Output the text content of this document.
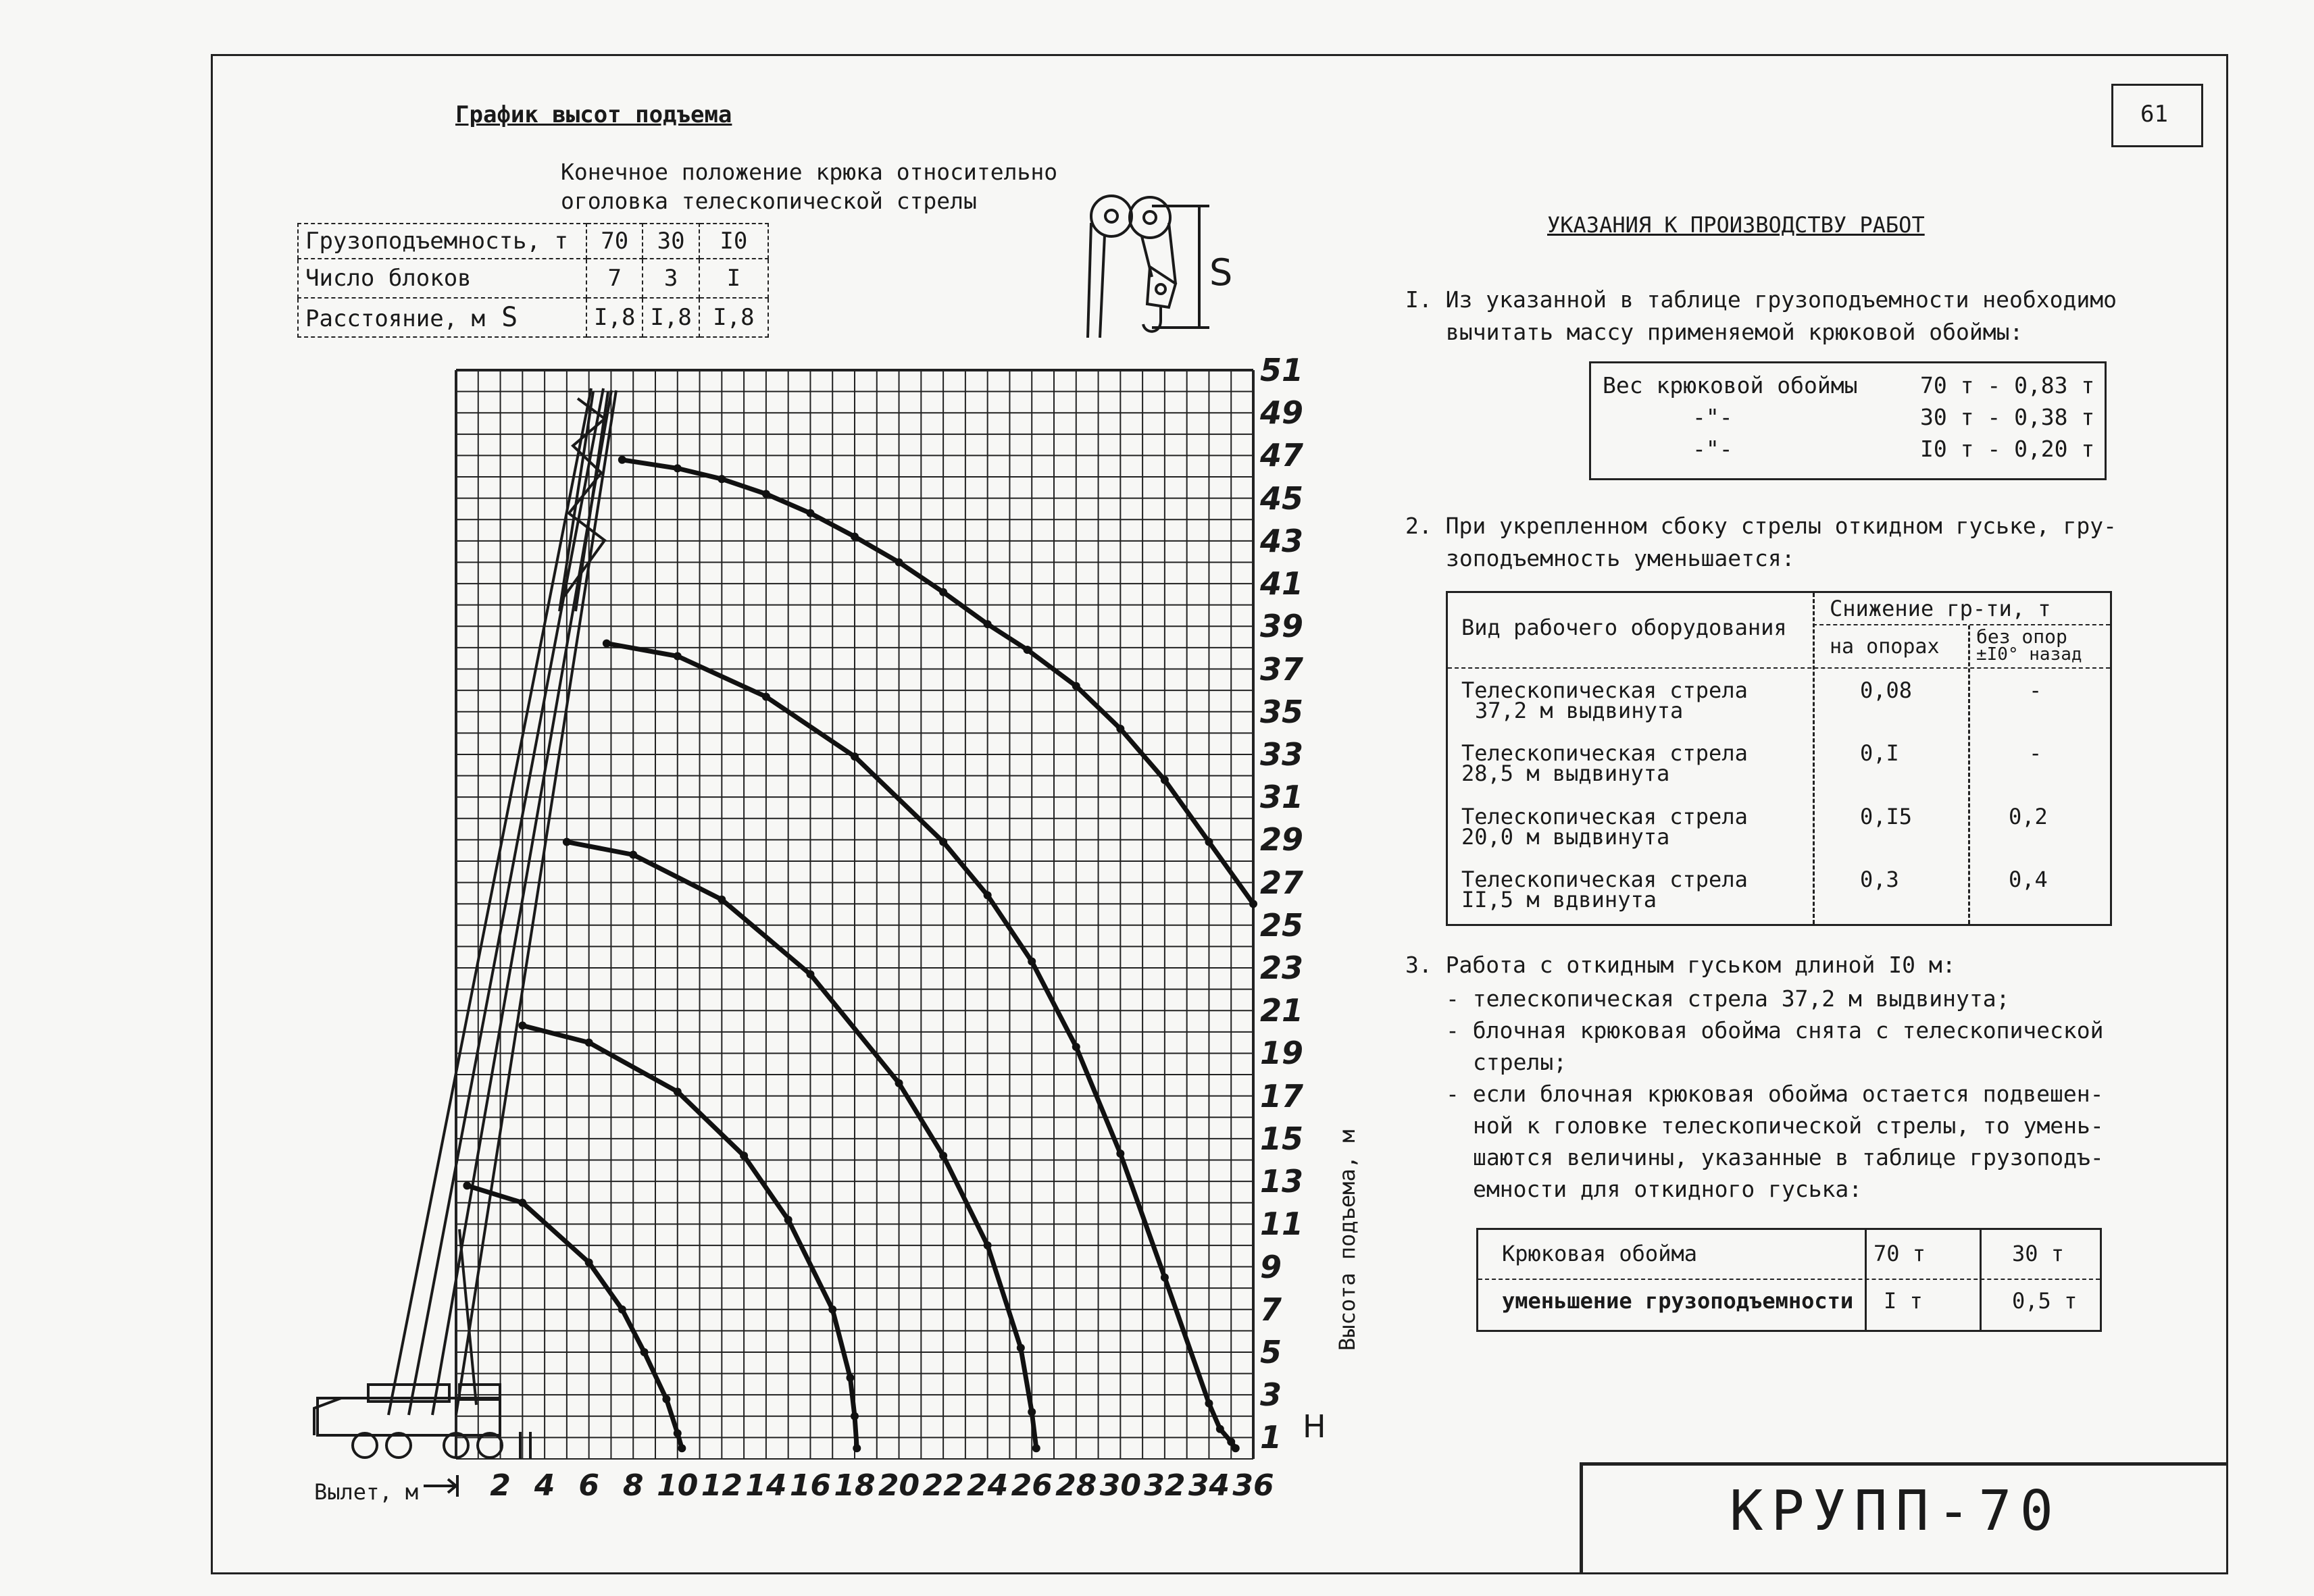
61
График высот подъема
Конечное положение крюка относительно
оголовка телескопической стрелы
Грузоподъемность, т	70	30	I0
Число блоков	7	3	I
Расстояние, м S	I,8	I,8	I,8
S
1
3
5
7
9
11
13
15
17
19
21
23
25
27
29
31
33
35
37
39
41
43
45
47
49
51
2 4 6 8 10 12 14 16 18 20 22 24 26 28 30 32 34 36
H
Высота подъема, м
Вылет, м
УКАЗАНИЯ К ПРОИЗВОДСТВУ РАБОТ
I. Из указанной в таблице грузоподъемности необходимо
вычитать массу применяемой крюковой обоймы:
Вес крюковой обоймы	70 т - 0,83 т
-"-	30 т - 0,38 т
-"-	I0 т - 0,20 т
2. При укрепленном сбоку стрелы откидном гуське, гру-
зоподъемность уменьшается:
Вид рабочего оборудования
Снижение гр-ти, т
на опорах без опор
±I0° назад
Телескопическая стрела
37,2 м выдвинута
0,08	-
Телескопическая стрела
28,5 м выдвинута
0,I	-
Телескопическая стрела
20,0 м выдвинута
0,I5	0,2
Телескопическая стрела
II,5 м вдвинута
0,3	0,4
3. Работа с откидным гуськом длиной I0 м:
- телескопическая стрела 37,2 м выдвинута;
- блочная крюковая обойма снята с телескопической
стрелы;
- если блочная крюковая обойма остается подвешен-
ной к головке телескопической стрелы, то умень-
шаются величины, указанные в таблице грузоподъ-
емности для откидного гуська:
Крюковая обойма	70 т	30 т
уменьшение грузоподъемности I т	0,5 т
КРУПП-70
